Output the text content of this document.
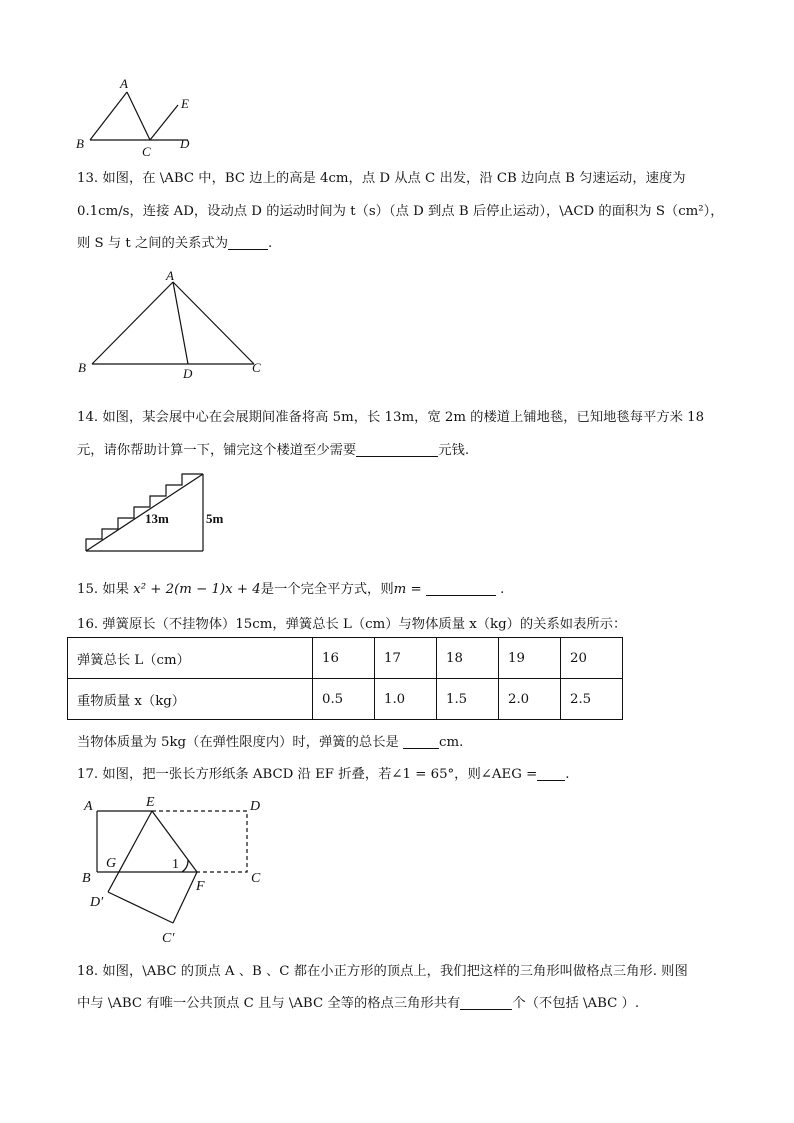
A
B
C
D
E
13. 如图，在 \ABC 中，BC 边上的高是 4cm，点 D 从点 C 出发，沿 CB 边向点 B 匀速运动，速度为
0.1cm/s，连接 AD，设动点 D 的运动时间为 t（s）（点 D 到点 B 后停止运动），\ACD 的面积为 S（cm²），
则 S 与 t 之间的关系式为	.
A
B	D	C
14. 如图，某会展中心在会展期间准备将高 5m，长 13m，宽 2m 的楼道上铺地毯，已知地毯每平方米 18
元，请你帮助计算一下，铺完这个楼道至少需要	元钱.
13m	5m
15. 如果 x² + 2(m − 1)x + 4是一个完全平方式，则m =	.
16. 弹簧原长（不挂物体）15cm，弹簧总长 L（cm）与物体质量 x（kg）的关系如表所示：
弹簧总长 L（cm）	16	17	18	19	20
重物质量 x（kg）	0.5	1.0	1.5	2.0	2.5
当物体质量为 5kg（在弹性限度内）时，弹簧的总长是	cm.
17. 如图，把一张长方形纸条 ABCD 沿 EF 折叠，若∠1 = 65°，则∠AEG = .
A	E	D
G	1
B
F
C
D′
C′
18. 如图，\ABC 的顶点 A 、B 、C 都在小正方形的顶点上，我们把这样的三角形叫做格点三角形. 则图
中与 \ABC 有唯一公共顶点 C 且与 \ABC 全等的格点三角形共有	个（不包括 \ABC ）.
